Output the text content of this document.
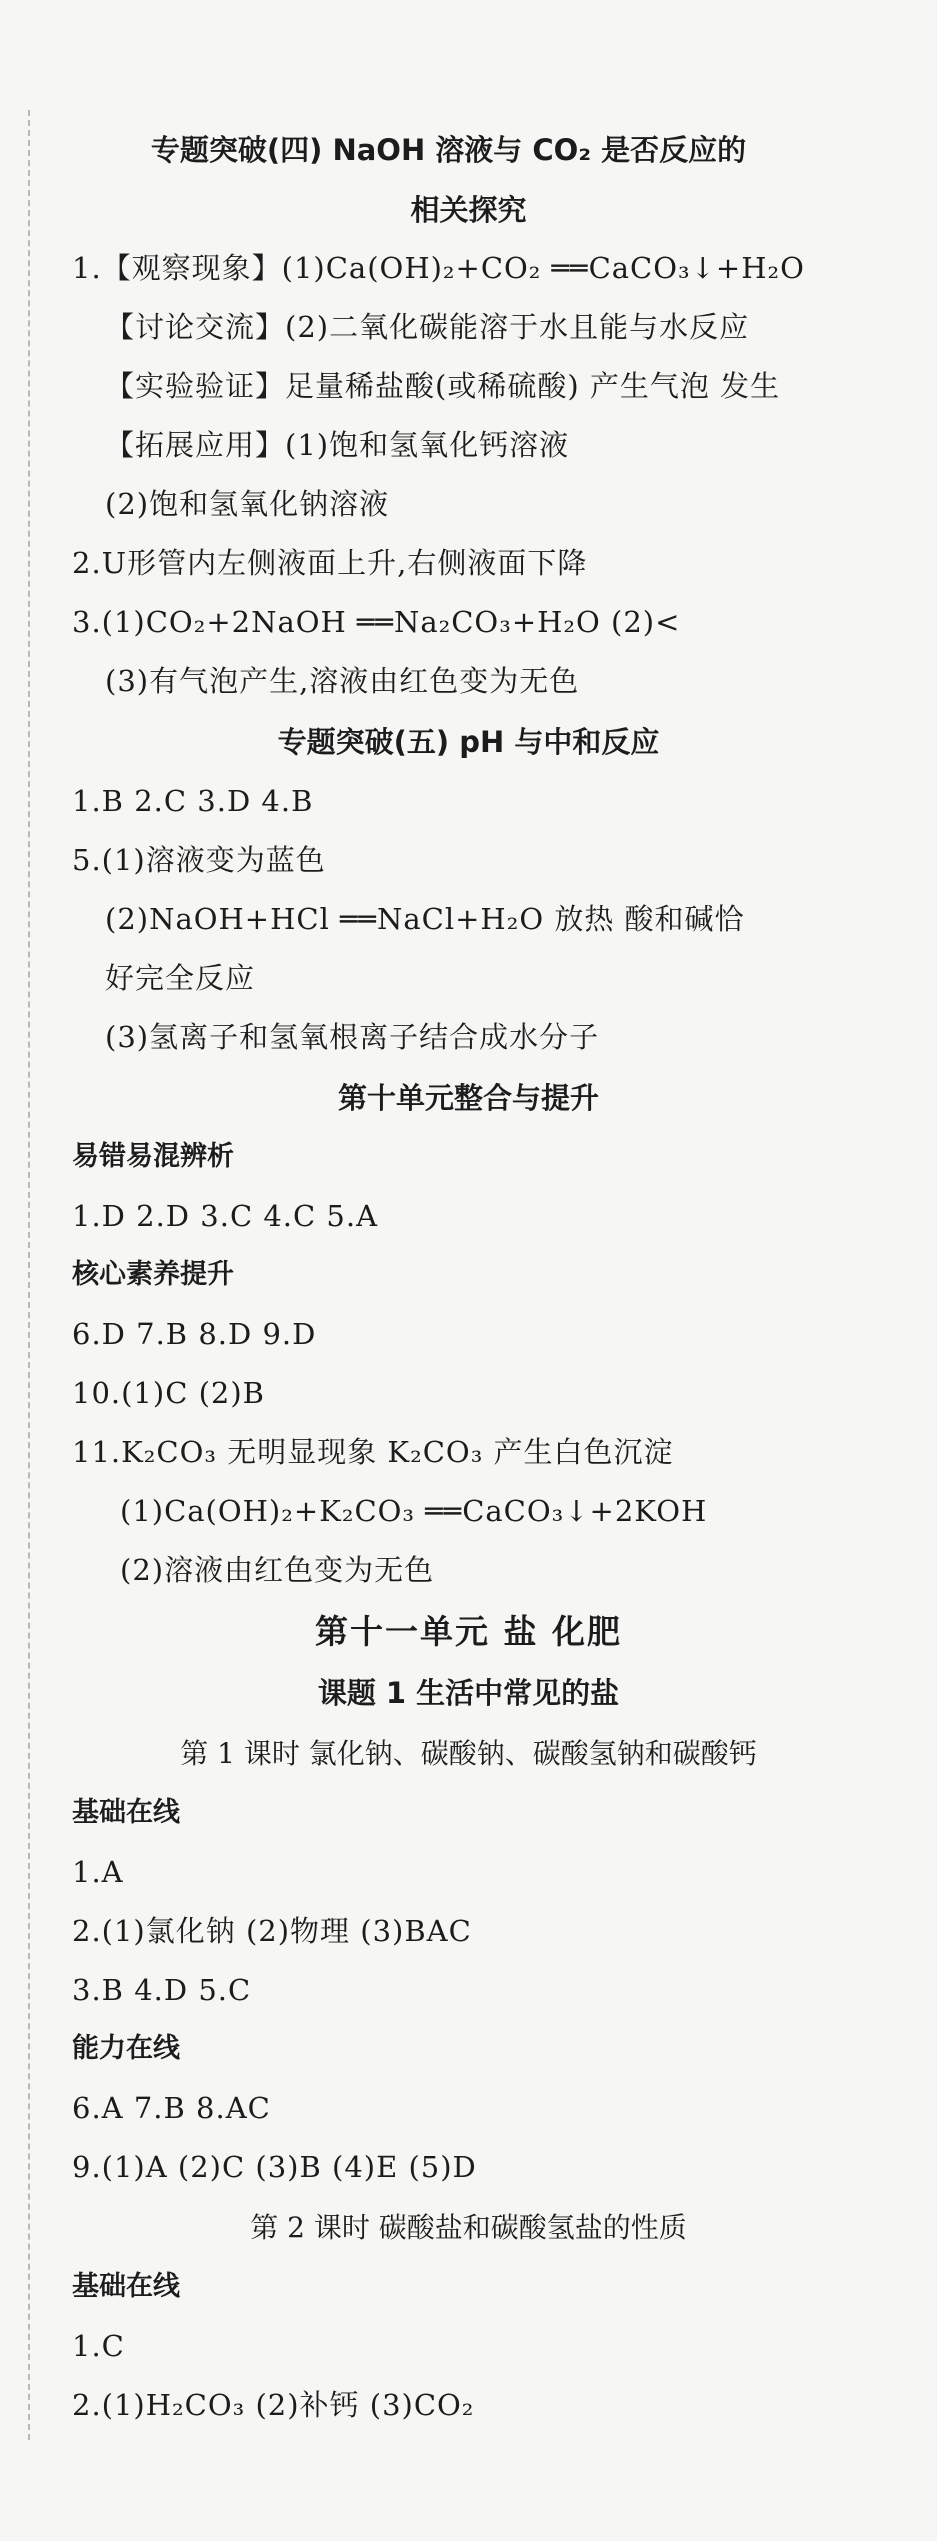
专题突破(四) NaOH 溶液与 CO₂ 是否反应的
相关探究
1.【观察现象】(1)Ca(OH)₂+CO₂ ══CaCO₃↓+H₂O
【讨论交流】(2)二氧化碳能溶于水且能与水反应
【实验验证】足量稀盐酸(或稀硫酸) 产生气泡 发生
【拓展应用】(1)饱和氢氧化钙溶液
(2)饱和氢氧化钠溶液
2.U形管内左侧液面上升,右侧液面下降
3.(1)CO₂+2NaOH ══Na₂CO₃+H₂O (2)<
(3)有气泡产生,溶液由红色变为无色
专题突破(五) pH 与中和反应
1.B 2.C 3.D 4.B
5.(1)溶液变为蓝色
(2)NaOH+HCl ══NaCl+H₂O 放热 酸和碱恰
好完全反应
(3)氢离子和氢氧根离子结合成水分子
第十单元整合与提升
易错易混辨析
1.D 2.D 3.C 4.C 5.A
核心素养提升
6.D 7.B 8.D 9.D
10.(1)C (2)B
11.K₂CO₃ 无明显现象 K₂CO₃ 产生白色沉淀
(1)Ca(OH)₂+K₂CO₃ ══CaCO₃↓+2KOH
(2)溶液由红色变为无色
第十一单元 盐 化肥
课题 1 生活中常见的盐
第 1 课时 氯化钠、碳酸钠、碳酸氢钠和碳酸钙
基础在线
1.A
2.(1)氯化钠 (2)物理 (3)BAC
3.B 4.D 5.C
能力在线
6.A 7.B 8.AC
9.(1)A (2)C (3)B (4)E (5)D
第 2 课时 碳酸盐和碳酸氢盐的性质
基础在线
1.C
2.(1)H₂CO₃ (2)补钙 (3)CO₂
